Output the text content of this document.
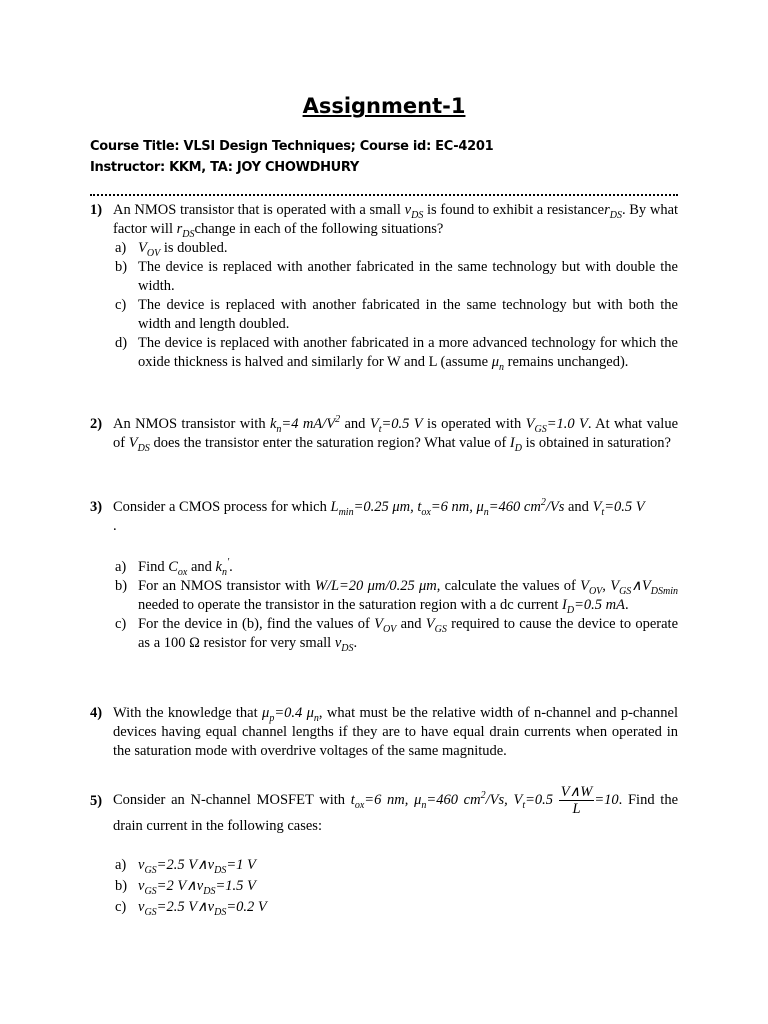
Assignment-1
Course Title: VLSI Design Techniques; Course id: EC-4201
Instructor: KKM, TA: JOY CHOWDHURY
1) An NMOS transistor that is operated with a small $v_{DS}$ is found to exhibit a resistancer$_{DS}$. By what factor will $r_{DS}change$ in each of the following situations?
a) $V_{OV}$ is doubled.
b) The device is replaced with another fabricated in the same technology but with double the width.
c) The device is replaced with another fabricated in the same technology but with both the width and length doubled.
d) The device is replaced with another fabricated in a more advanced technology for which the oxide thickness is halved and similarly for W and L (assume $\mu_n$ remains unchanged).
2) An NMOS transistor with $k_n=4$ $mA/V^2$ and $V_t=0.5$ V is operated with $V_{GS}=1.0$ V. At what value of $V_{DS}$ does the transistor enter the saturation region? What value of $I_D$ is obtained in saturation?
3) Consider a CMOS process for which $L_{min}=0.25$ μm, $t_{ox}=6$ nm, $\mu_n=460$ $cm^2/Vs$ and $V_t=0.5$ V
.
a) Find $C_{ox}$ and $k_n'$.
b) For an NMOS transistor with W/L=20 μm/0.25 μm, calculate the values of $V_{OV}$, $V_{GS}\wedge V_{DSmin}$ needed to operate the transistor in the saturation region with a dc current $I_D=0.5$ mA.
c) For the device in (b), find the values of $V_{OV}$ and $V_{GS}$ required to cause the device to operate as a 100 Ω resistor for very small $v_{DS}$.
4) With the knowledge that $\mu_p=0.4$ $\mu_n$, what must be the relative width of n-channel and p-channel devices having equal channel lengths if they are to have equal drain currents when operated in the saturation mode with overdrive voltages of the same magnitude.
5) Consider an N-channel MOSFET with $t_{ox}=6$ nm, $\mu_n=460$ $cm^2/Vs$, $V_t=0.5 \frac{V\wedge W}{L} =10$. Find the drain current in the following cases:
a) $v_{GS}=2.5$ $V\wedge v_{DS}=1$ V
b) $v_{GS}=2$ $V\wedge v_{DS}=1.5$ V
c) $v_{GS}=2.5$ $V\wedge v_{DS}=0.2$ V
